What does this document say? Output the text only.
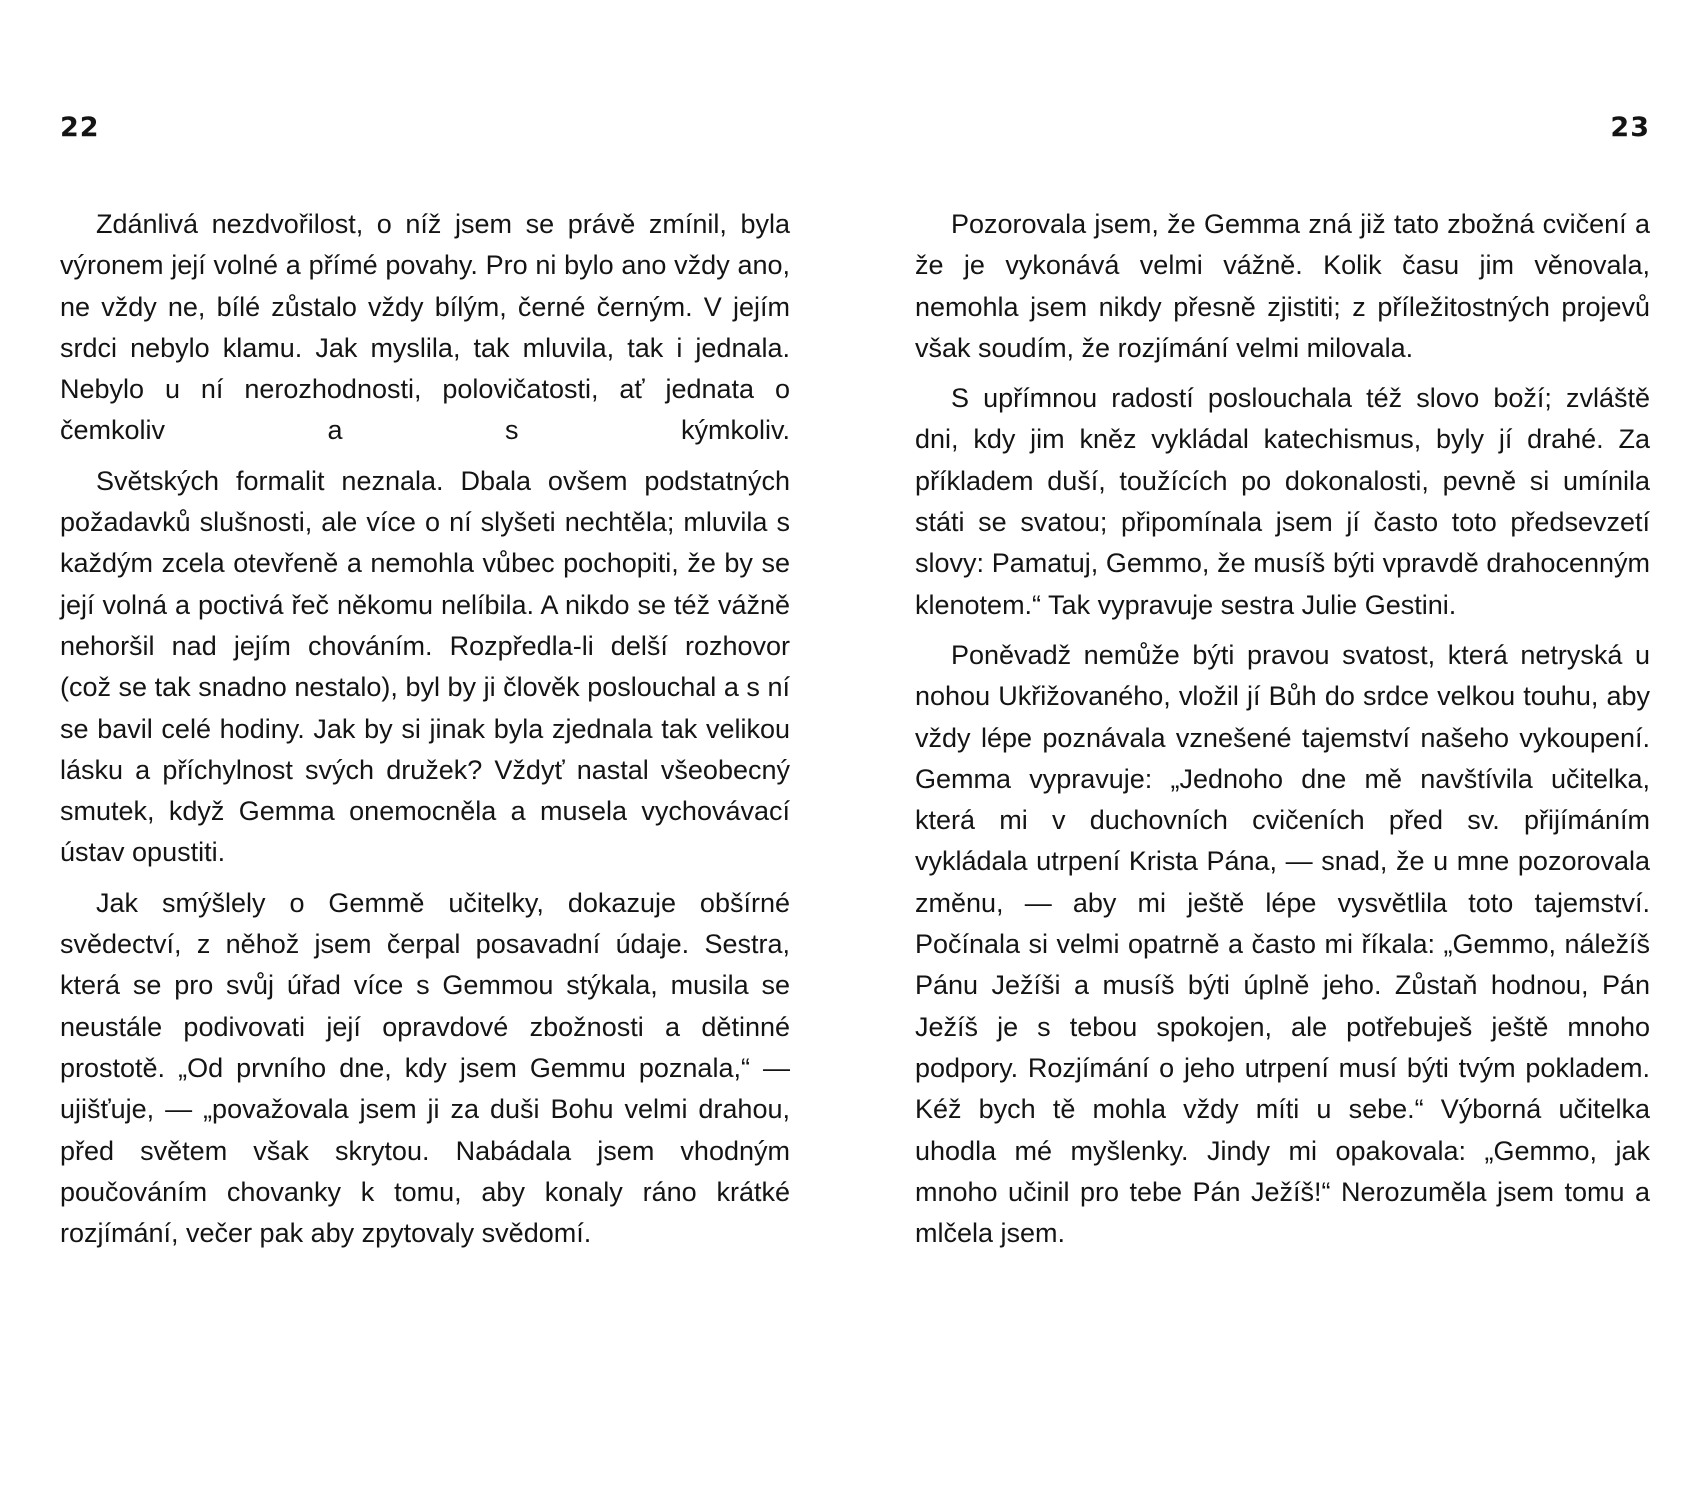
22

Zdánlivá nezdvořilost, o níž jsem se právě zmínil, byla výronem její volné a přímé povahy. Pro ni bylo ano vždy ano, ne vždy ne, bílé zůstalo vždy bílým, černé černým. V jejím srdci nebylo klamu. Jak myslila, tak mluvila, tak i jednala. Nebylo u ní nerozhodnosti, polovičatosti, ať jednata o čemkoliv a s kýmkoliv.

Světských formalit neznala. Dbala ovšem podstatných požadavků slušnosti, ale více o ní slyšeti nechtěla; mluvila s každým zcela otevřeně a nemohla vůbec pochopiti, že by se její volná a poctivá řeč někomu nelíbila. A nikdo se též vážně nehoršil nad jejím chováním. Rozpředla-li delší rozhovor (což se tak snadno nestalo), byl by ji člověk poslouchal a s ní se bavil celé hodiny. Jak by si jinak byla zjednala tak velikou lásku a příchylnost svých družek? Vždyť nastal všeobecný smutek, když Gemma onemocněla a musela vychovávací ústav opustiti.

Jak smýšlely o Gemmě učitelky, dokazuje obšírné svědectví, z něhož jsem čerpal posavadní údaje. Sestra, která se pro svůj úřad více s Gemmou stýkala, musila se neustále podivovati její opravdové zbožnosti a dětinné prostotě. „Od prvního dne, kdy jsem Gemmu poznala,“ — ujišťuje, — „považovala jsem ji za duši Bohu velmi drahou, před světem však skrytou. Nabádala jsem vhodným poučováním chovanky k tomu, aby konaly ráno krátké rozjímání, večer pak aby zpytovaly svědomí.

23

Pozorovala jsem, že Gemma zná již tato zbožná cvičení a že je vykonává velmi vážně. Kolik času jim věnovala, nemohla jsem nikdy přesně zjistiti; z příležitostných projevů však soudím, že rozjímání velmi milovala.

S upřímnou radostí poslouchala též slovo boží; zvláště dni, kdy jim kněz vykládal katechismus, byly jí drahé. Za příkladem duší, toužících po dokonalosti, pevně si umínila státi se svatou; připomínala jsem jí často toto předsevzetí slovy: Pamatuj, Gemmo, že musíš býti vpravdě drahocenným klenotem.“ Tak vypravuje sestra Julie Gestini.

Poněvadž nemůže býti pravou svatost, která netryská u nohou Ukřižovaného, vložil jí Bůh do srdce velkou touhu, aby vždy lépe poznávala vznešené tajemství našeho vykoupení. Gemma vypravuje: „Jednoho dne mě navštívila učitelka, která mi v duchovních cvičeních před sv. přijímáním vykládala utrpení Krista Pána, — snad, že u mne pozorovala změnu, — aby mi ještě lépe vysvětlila toto tajemství. Počínala si velmi opatrně a často mi říkala: „Gemmo, náležíš Pánu Ježíši a musíš býti úplně jeho. Zůstaň hodnou, Pán Ježíš je s tebou spokojen, ale potřebuješ ještě mnoho podpory. Rozjímání o jeho utrpení musí býti tvým pokladem. Kéž bych tě mohla vždy míti u sebe.“ Výborná učitelka uhodla mé myšlenky. Jindy mi opakovala: „Gemmo, jak mnoho učinil pro tebe Pán Ježíš!“ Nerozuměla jsem tomu a mlčela jsem.
